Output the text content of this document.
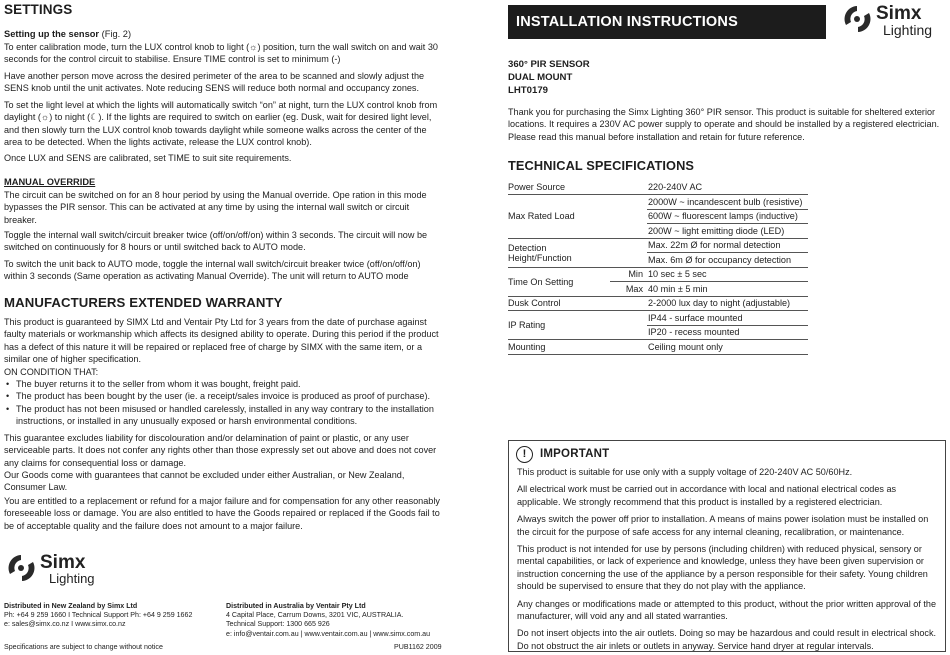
SETTINGS
Setting up the sensor (Fig. 2)
To enter calibration mode, turn the LUX control knob to light (☼) position, turn the wall switch on and wait 30 seconds for the control circuit to stabilise. Ensure TIME control is set to minimum (-)
Have another person move across the desired perimeter of the area to be scanned and slowly adjust the SENS knob until the unit activates. Note reducing SENS will reduce both normal and occupancy zones.
To set the light level at which the lights will automatically switch “on” at night, turn the LUX control knob from daylight (☼) to night (☾). If the lights are required to switch on earlier (eg. Dusk, wait for desired light level, and then slowly turn the LUX control knob towards daylight while someone walks across the center of the area to be detected. When the lights activate, release the LUX control knob).
Once LUX and SENS are calibrated, set TIME to suit site requirements.
MANUAL OVERRIDE
The circuit can be switched on for an 8 hour period by using the Manual override. Ope ration in this mode bypasses the PIR sensor. This can be activated at any time by using the internal wall switch or circuit breaker.
Toggle the internal wall switch/circuit breaker twice (off/on/off/on) within 3 seconds. The circuit will now be switched on continuously for 8 hours or until switched back to AUTO mode.
To switch the unit back to AUTO mode, toggle the internal wall switch/circuit breaker twice (off/on/off/on) within 3 seconds (Same operation as activating Manual Override). The unit will return to AUTO mode
MANUFACTURERS EXTENDED WARRANTY
This product is guaranteed by SIMX Ltd and Ventair Pty Ltd for 3 years from the date of purchase against faulty materials or workmanship which affects its designed ability to operate. During this period if the product has a defect of this nature it will be repaired or replaced free of charge by SIMX with the same item, or a similar one of higher specification.
ON CONDITION THAT:
• The buyer returns it to the seller from whom it was bought, freight paid.
• The product has been bought by the user (ie. a receipt/sales invoice is produced as proof of purchase).
• The product has not been misused or handled carelessly, installed in any way contrary to the installation instructions, or installed in any unusually exposed or harsh environmental conditions.
This guarantee excludes liability for discolouration and/or delamination of paint or plastic, or any user serviceable parts. It does not confer any rights other than those expressly set out above and does not cover any claims for consequential loss or damage.
Our Goods come with guarantees that cannot be excluded under either Australian, or New Zealand, Consumer Law.
You are entitled to a replacement or refund for a major failure and for compensation for any other reasonably foreseeable loss or damage. You are also entitled to have the Goods repaired or replaced if the Goods fail to be of acceptable quality and the failure does not amount to a major failure.
Simx
Lighting
Distributed in New Zealand by Simx Ltd
Ph: +64 9 259 1660 I Technical Support Ph: +64 9 259 1662
e: sales@simx.co.nz I www.simx.co.nz
Distributed in Australia by Ventair Pty Ltd
4 Capital Place, Carrum Downs, 3201 VIC, AUSTRALIA.
Technical Support: 1300 665 926
e: info@ventair.com.au | www.ventair.com.au | www.simx.com.au
Specifications are subject to change without notice	PUB1162 2009
INSTALLATION INSTRUCTIONS	Simx
Lighting
360° PIR SENSOR
DUAL MOUNT
LHT0179
Thank you for purchasing the Simx Lighting 360° PIR sensor. This product is suitable for sheltered exterior locations. It requires a 230V AC power supply to operate and should be installed by a registered electrician. Please read this manual before installation and retain for future reference.
TECHNICAL SPECIFICATIONS
Power Source		220-240V AC
Max Rated Load		2000W ~ incandescent bulb (resistive)
		600W ~ fluorescent lamps (inductive)
		200W ~ light emitting diode (LED)
Detection Height/Function		Max. 22m Ø for normal detection
		Max. 6m Ø for occupancy detection
Time On Setting	Min	10 sec ± 5 sec
	Max	40 min ± 5 min
Dusk Control		2-2000 lux day to night (adjustable)
IP Rating		IP44 - surface mounted
		IP20 - recess mounted
Mounting		Ceiling mount only
!	IMPORTANT
This product is suitable for use only with a supply voltage of 220-240V AC 50/60Hz.
All electrical work must be carried out in accordance with local and national electrical codes as applicable. We strongly recommend that this product is installed by a registered electrician.
Always switch the power off prior to installation. A means of mains power isolation must be installed on the circuit for the purpose of safe access for any internal cleaning, recalibration, or maintenance.
This product is not intended for use by persons (including children) with reduced physical, sensory or mental capabilities, or lack of experience and knowledge, unless they have been given supervision or instruction concerning the use of the appliance by a person responsible for their safety. Young children should be supervised to ensure that they do not play with the appliance.
Any changes or modifications made or attempted to this product, without the prior written approval of the manufacturer, will void any and all stated warranties.
Do not insert objects into the air outlets. Doing so may be hazardous and could result in electrical shock. Do not obstruct the air inlets or outlets in anyway. Service hand dryer at regular intervals.
